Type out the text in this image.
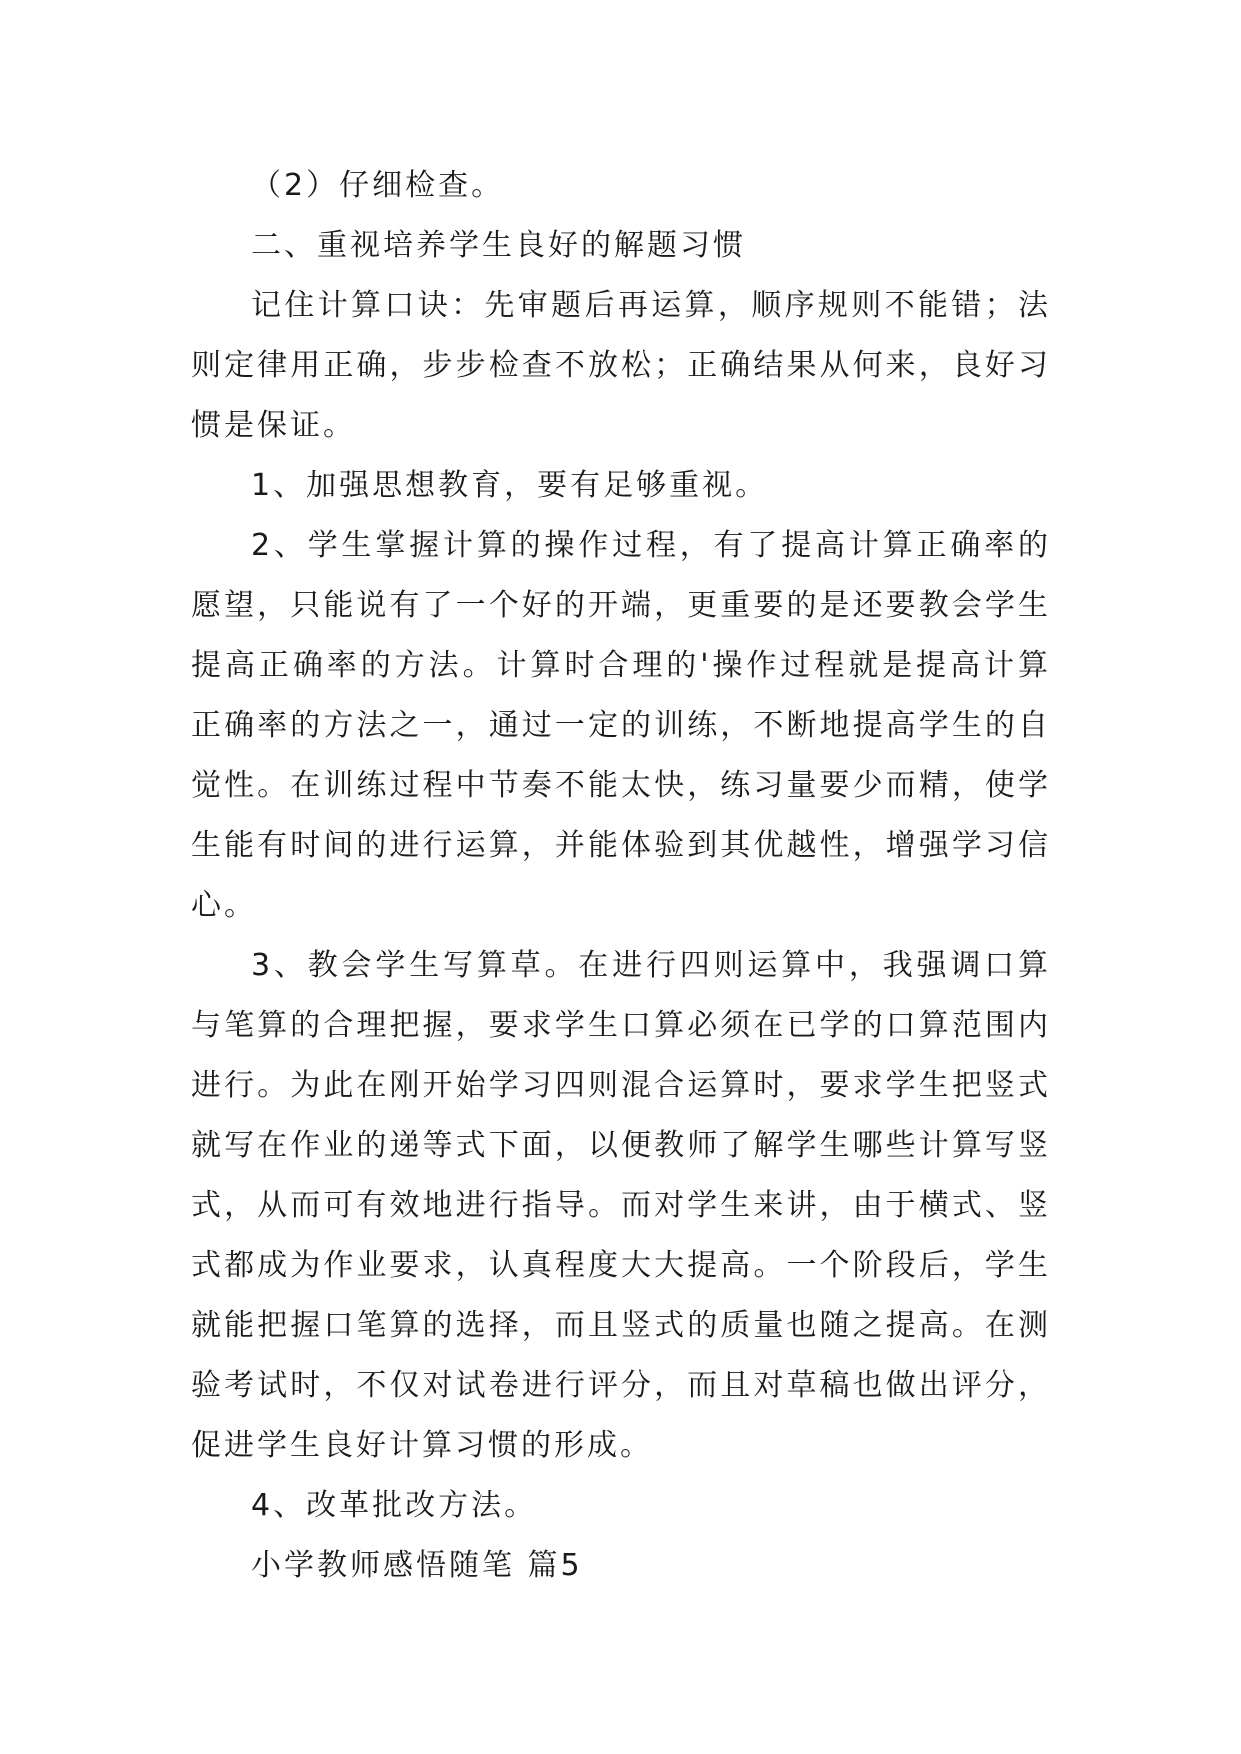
（2）仔细检查。

二、重视培养学生良好的解题习惯

记住计算口诀：先审题后再运算，顺序规则不能错；法则定律用正确，步步检查不放松；正确结果从何来，良好习惯是保证。

1、加强思想教育，要有足够重视。

2、学生掌握计算的操作过程，有了提高计算正确率的愿望，只能说有了一个好的开端，更重要的是还要教会学生提高正确率的方法。计算时合理的'操作过程就是提高计算正确率的方法之一，通过一定的训练，不断地提高学生的自觉性。在训练过程中节奏不能太快，练习量要少而精，使学生能有时间的进行运算，并能体验到其优越性，增强学习信心。

3、教会学生写算草。在进行四则运算中，我强调口算与笔算的合理把握，要求学生口算必须在已学的口算范围内进行。为此在刚开始学习四则混合运算时，要求学生把竖式就写在作业的递等式下面，以便教师了解学生哪些计算写竖式，从而可有效地进行指导。而对学生来讲，由于横式、竖式都成为作业要求，认真程度大大提高。一个阶段后，学生就能把握口笔算的选择，而且竖式的质量也随之提高。在测验考试时，不仅对试卷进行评分，而且对草稿也做出评分，促进学生良好计算习惯的形成。

4、改革批改方法。

小学教师感悟随笔 篇5
